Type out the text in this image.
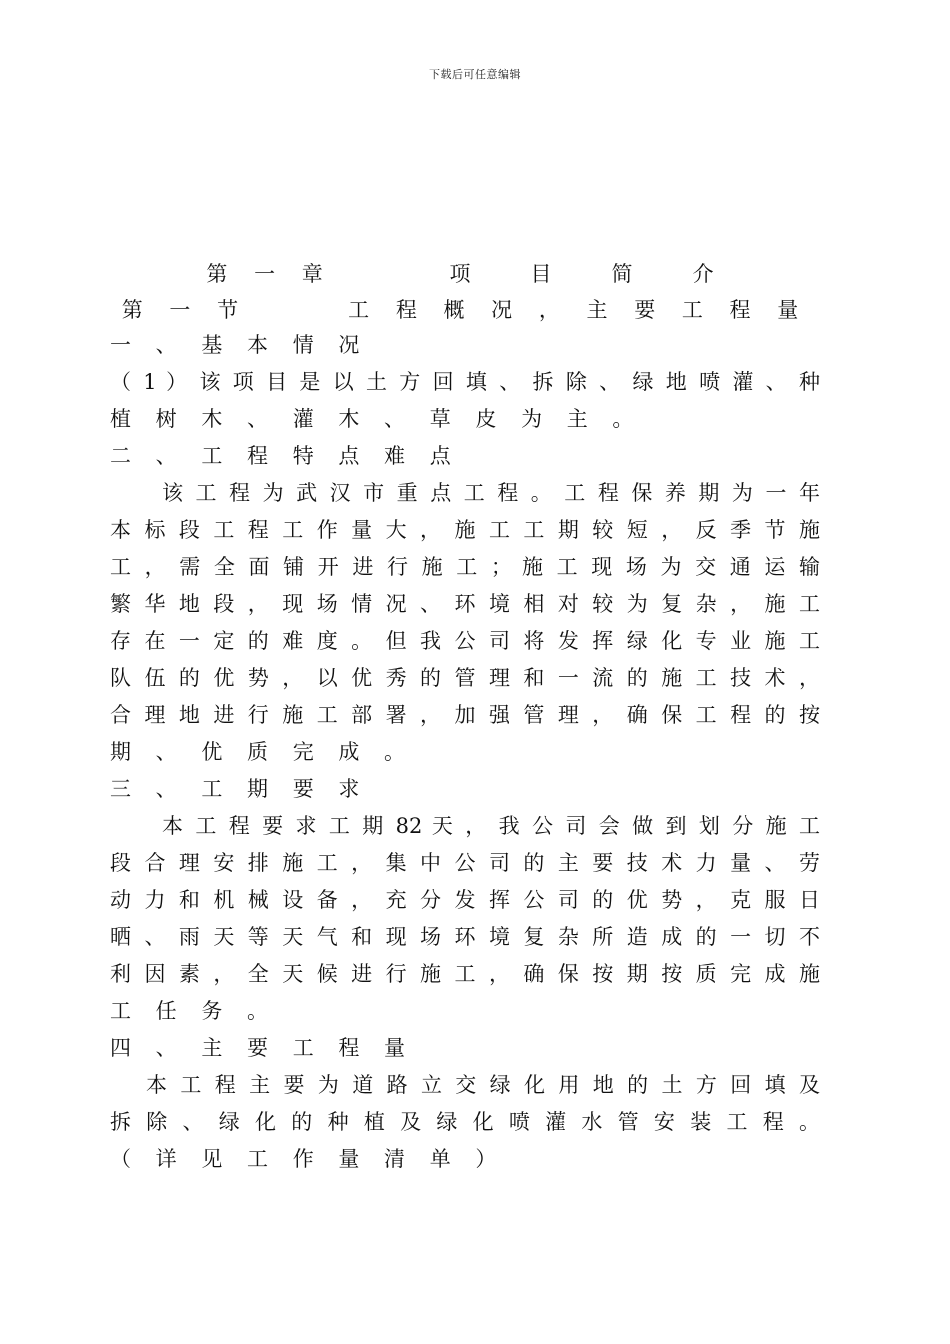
下载后可任意编辑
第 一 章       项   目   简   介
第 一 节      工 程 概 况 ， 主 要 工 程 量
一 、 基 本 情 况
（ 1 ） 该 项 目 是 以 土 方 回 填 、 拆 除 、 绿 地 喷 灌 、 种
植 树 木 、 灌 木 、 草 皮 为 主 。
二 、 工 程 特 点 难 点
该 工 程 为 武 汉 市 重 点 工 程 。 工 程 保 养 期 为 一 年
本 标 段 工 程 工 作 量 大 ， 施 工 工 期 较 短 ， 反 季 节 施
工 ， 需 全 面 铺 开 进 行 施 工 ； 施 工 现 场 为 交 通 运 输
繁 华 地 段 ， 现 场 情 况 、 环 境 相 对 较 为 复 杂 ， 施 工
存 在 一 定 的 难 度 。 但 我 公 司 将 发 挥 绿 化 专 业 施 工
队 伍 的 优 势 ， 以 优 秀 的 管 理 和 一 流 的 施 工 技 术 ，
合 理 地 进 行 施 工 部 署 ， 加 强 管 理 ， 确 保 工 程 的 按
期 、 优 质 完 成 。
三 、 工 期 要 求
本 工 程 要 求 工 期 82 天 ， 我 公 司 会 做 到 划 分 施 工
段 合 理 安 排 施 工 ， 集 中 公 司 的 主 要 技 术 力 量 、 劳
动 力 和 机 械 设 备 ， 充 分 发 挥 公 司 的 优 势 ， 克 服 日
晒 、 雨 天 等 天 气 和 现 场 环 境 复 杂 所 造 成 的 一 切 不
利 因 素 ， 全 天 候 进 行 施 工 ， 确 保 按 期 按 质 完 成 施
工 任 务 。
四 、 主 要 工 程 量
本 工 程 主 要 为 道 路 立 交 绿 化 用 地 的 土 方 回 填 及
拆 除 、 绿 化 的 种 植 及 绿 化 喷 灌 水 管 安 装 工 程 。
（ 详 见 工 作 量 清 单 ）
